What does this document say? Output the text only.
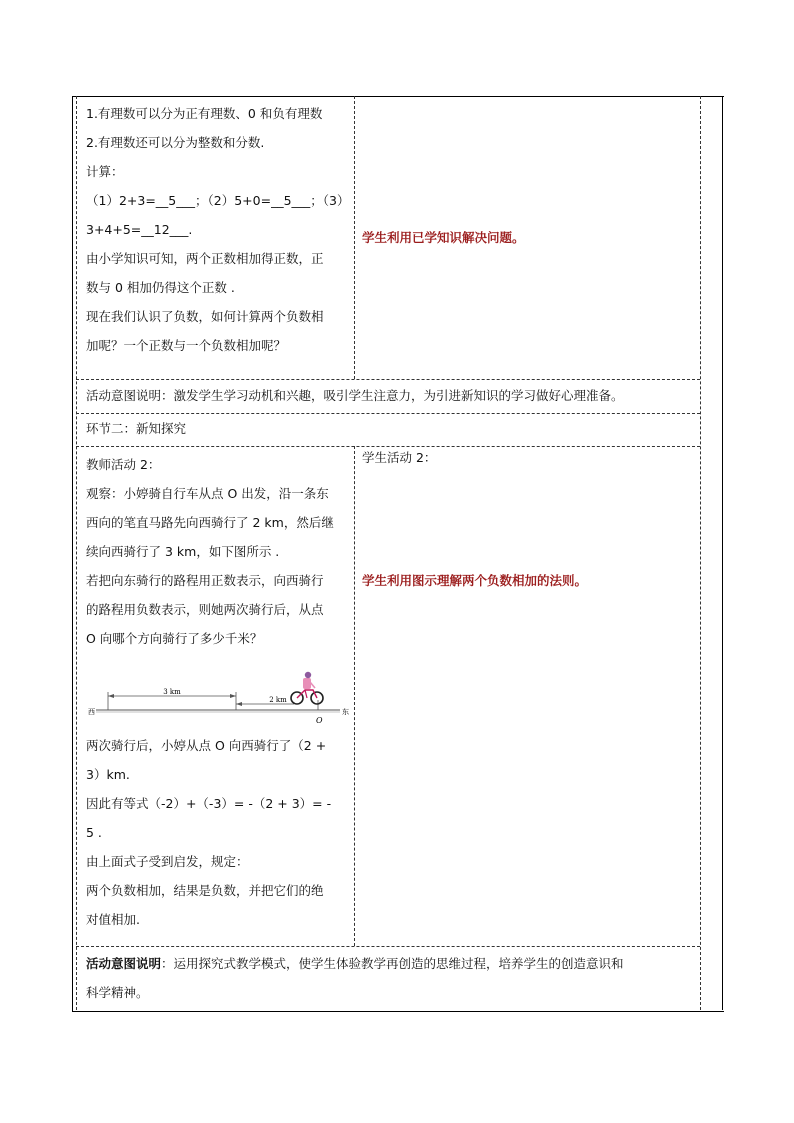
1.有理数可以分为正有理数、0 和负有理数

2.有理数还可以分为整数和分数.

计算：

（1）2+3=__5___；（2）5+0=__5___；（3）

3+4+5=__12___.

由小学知识可知，两个正数相加得正数，正

数与 0 相加仍得这个正数 .

现在我们认识了负数，如何计算两个负数相

加呢？一个正数与一个负数相加呢？

学生利用已学知识解决问题。
活动意图说明：激发学生学习动机和兴趣，吸引学生注意力，为引进新知识的学习做好心理准备。
环节二：新知探究

教师活动 2：

观察：小婷骑自行车从点 O 出发，沿一条东

西向的笔直马路先向西骑行了 2 km，然后继

续向西骑行了 3 km，如下图所示 .

若把向东骑行的路程用正数表示，向西骑行

的路程用负数表示，则她两次骑行后，从点

O 向哪个方向骑行了多少千米？

3 km
2 km
西	东
O

两次骑行后，小婷从点 O 向西骑行了（2 +

3）km.

因此有等式（-2）+（-3）= -（2 + 3）= -

5 .

由上面式子受到启发，规定：

两个负数相加，结果是负数，并把它们的绝

对值相加.

学生活动 2：
学生利用图示理解两个负数相加的法则。

活动意图说明：运用探究式教学模式，使学生体验教学再创造的思维过程，培养学生的创造意识和

科学精神。
